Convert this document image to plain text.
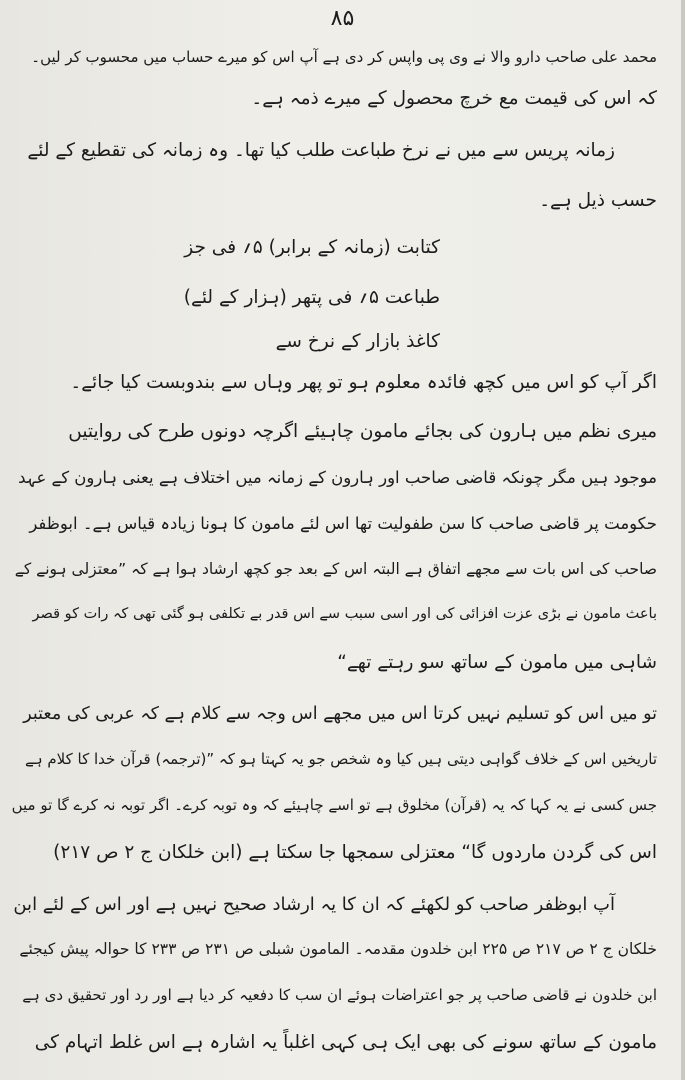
۸۵
محمد علی صاحب دارو والا نے وی پی واپس کر دی ہے آپ اس کو میرے حساب میں محسوب کر لیں۔
کہ اس کی قیمت مع خرچ محصول کے میرے ذمہ ہے۔
زمانہ پریس سے میں نے نرخ طباعت طلب کیا تھا۔ وہ زمانہ کی تقطیع کے لئے
حسب ذیل ہے۔
کتابت (زمانہ کے برابر) ۵؍ فی جز
طباعت ۵؍ فی پتھر (ہزار کے لئے)
کاغذ بازار کے نرخ سے
اگر آپ کو اس میں کچھ فائدہ معلوم ہو تو پھر وہاں سے بندوبست کیا جائے۔
میری نظم میں ہارون کی بجائے مامون چاہیئے اگرچہ دونوں طرح کی روایتیں
موجود ہیں مگر چونکہ قاضی صاحب اور ہارون کے زمانہ میں اختلاف ہے یعنی ہارون کے عہد
حکومت پر قاضی صاحب کا سن طفولیت تھا اس لئے مامون کا ہونا زیادہ قیاس ہے۔ ابوظفر
صاحب کی اس بات سے مجھے اتفاق ہے البتہ اس کے بعد جو کچھ ارشاد ہوا ہے کہ ”معتزلی ہونے کے
باعث مامون نے بڑی عزت افزائی کی اور اسی سبب سے اس قدر بے تکلفی ہو گئی تھی کہ رات کو قصر
شاہی میں مامون کے ساتھ سو رہتے تھے“
تو میں اس کو تسلیم نہیں کرتا اس میں مجھے اس وجہ سے کلام ہے کہ عربی کی معتبر
تاریخیں اس کے خلاف گواہی دیتی ہیں کیا وہ شخص جو یہ کہتا ہو کہ ”(ترجمہ) قرآن خدا کا کلام ہے
جس کسی نے یہ کہا کہ یہ (قرآن) مخلوق ہے تو اسے چاہیئے کہ وہ توبہ کرے۔ اگر توبہ نہ کرے گا تو میں
اس کی گردن ماردوں گا“ معتزلی سمجھا جا سکتا ہے (ابن خلکان ج ۲ ص ۲۱۷)
آپ ابوظفر صاحب کو لکھئے کہ ان کا یہ ارشاد صحیح نہیں ہے اور اس کے لئے ابن
خلکان ج ۲ ص ۲۱۷ ص ۲۲۵ ابن خلدون مقدمہ۔ المامون شبلی ص ۲۳۱ ص ۲۳۳ کا حوالہ پیش کیجئے
ابن خلدون نے قاضی صاحب پر جو اعتراضات ہوئے ان سب کا دفعیہ کر دیا ہے اور رد اور تحقیق دی ہے
مامون کے ساتھ سونے کی بھی ایک ہی کہی اغلباً یہ اشارہ ہے اس غلط اتہام کی
